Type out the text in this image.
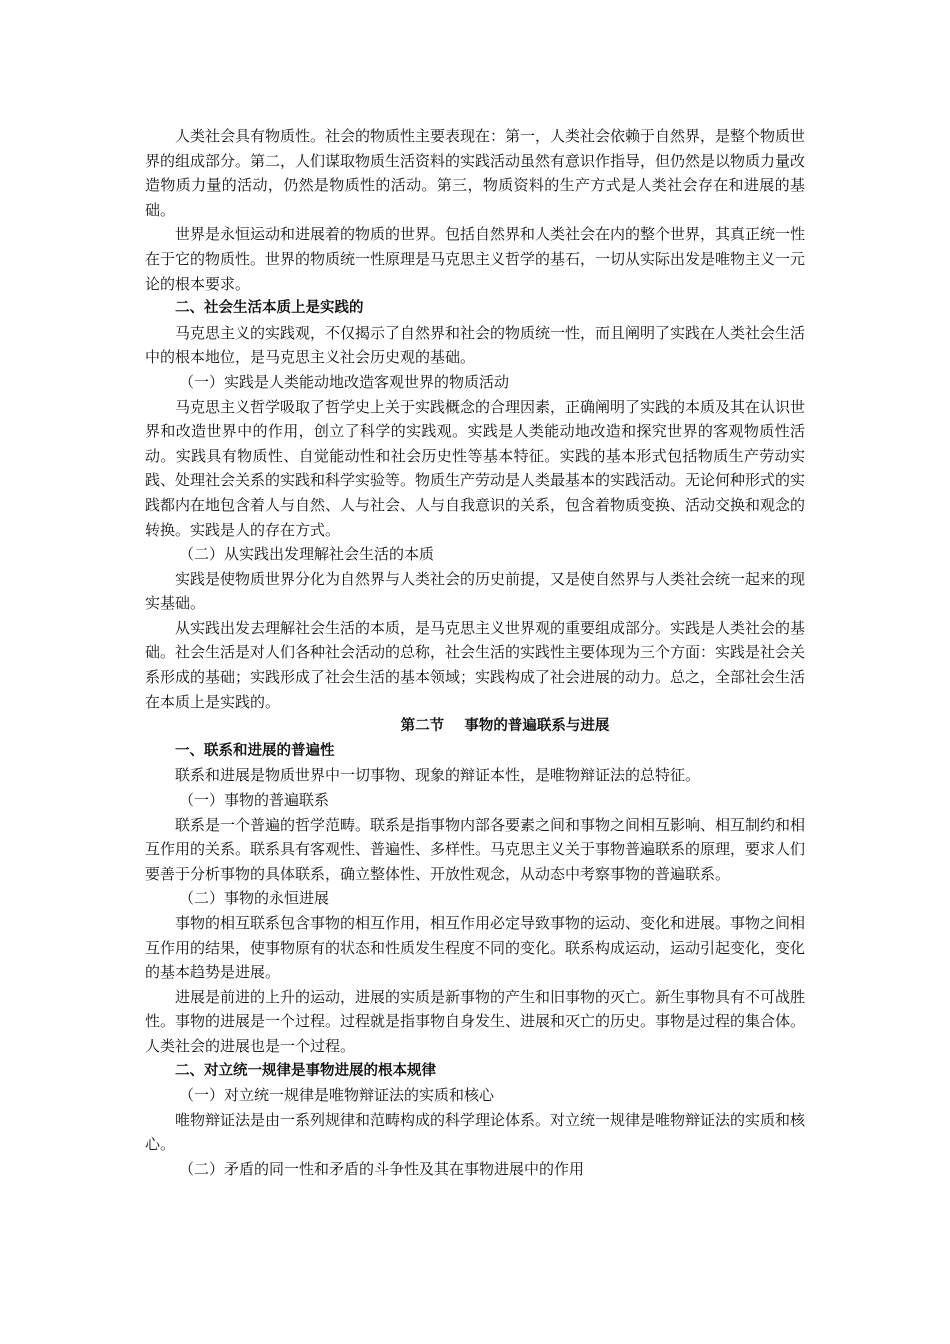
人类社会具有物质性。社会的物质性主要表现在：第一，人类社会依赖于自然界，是整个物质世界的组成部分。第二，人们谋取物质生活资料的实践活动虽然有意识作指导，但仍然是以物质力量改造物质力量的活动，仍然是物质性的活动。第三，物质资料的生产方式是人类社会存在和进展的基础。

世界是永恒运动和进展着的物质的世界。包括自然界和人类社会在内的整个世界，其真正统一性在于它的物质性。世界的物质统一性原理是马克思主义哲学的基石，一切从实际出发是唯物主义一元论的根本要求。

二、社会生活本质上是实践的

马克思主义的实践观，不仅揭示了自然界和社会的物质统一性，而且阐明了实践在人类社会生活中的根本地位，是马克思主义社会历史观的基础。

（一）实践是人类能动地改造客观世界的物质活动

马克思主义哲学吸取了哲学史上关于实践概念的合理因素，正确阐明了实践的本质及其在认识世界和改造世界中的作用，创立了科学的实践观。实践是人类能动地改造和探究世界的客观物质性活动。实践具有物质性、自觉能动性和社会历史性等基本特征。实践的基本形式包括物质生产劳动实践、处理社会关系的实践和科学实验等。物质生产劳动是人类最基本的实践活动。无论何种形式的实践都内在地包含着人与自然、人与社会、人与自我意识的关系，包含着物质变换、活动交换和观念的转换。实践是人的存在方式。

（二）从实践出发理解社会生活的本质

实践是使物质世界分化为自然界与人类社会的历史前提，又是使自然界与人类社会统一起来的现实基础。

从实践出发去理解社会生活的本质，是马克思主义世界观的重要组成部分。实践是人类社会的基础。社会生活是对人们各种社会活动的总称，社会生活的实践性主要体现为三个方面：实践是社会关系形成的基础；实践形成了社会生活的基本领域；实践构成了社会进展的动力。总之，全部社会生活在本质上是实践的。

第二节    事物的普遍联系与进展

一、联系和进展的普遍性

联系和进展是物质世界中一切事物、现象的辩证本性，是唯物辩证法的总特征。

（一）事物的普遍联系

联系是一个普遍的哲学范畴。联系是指事物内部各要素之间和事物之间相互影响、相互制约和相互作用的关系。联系具有客观性、普遍性、多样性。马克思主义关于事物普遍联系的原理，要求人们要善于分析事物的具体联系，确立整体性、开放性观念，从动态中考察事物的普遍联系。

（二）事物的永恒进展

事物的相互联系包含事物的相互作用，相互作用必定导致事物的运动、变化和进展。事物之间相互作用的结果，使事物原有的状态和性质发生程度不同的变化。联系构成运动，运动引起变化，变化的基本趋势是进展。

进展是前进的上升的运动，进展的实质是新事物的产生和旧事物的灭亡。新生事物具有不可战胜性。事物的进展是一个过程。过程就是指事物自身发生、进展和灭亡的历史。事物是过程的集合体。人类社会的进展也是一个过程。

二、对立统一规律是事物进展的根本规律

（一）对立统一规律是唯物辩证法的实质和核心

唯物辩证法是由一系列规律和范畴构成的科学理论体系。对立统一规律是唯物辩证法的实质和核心。

（二）矛盾的同一性和矛盾的斗争性及其在事物进展中的作用
